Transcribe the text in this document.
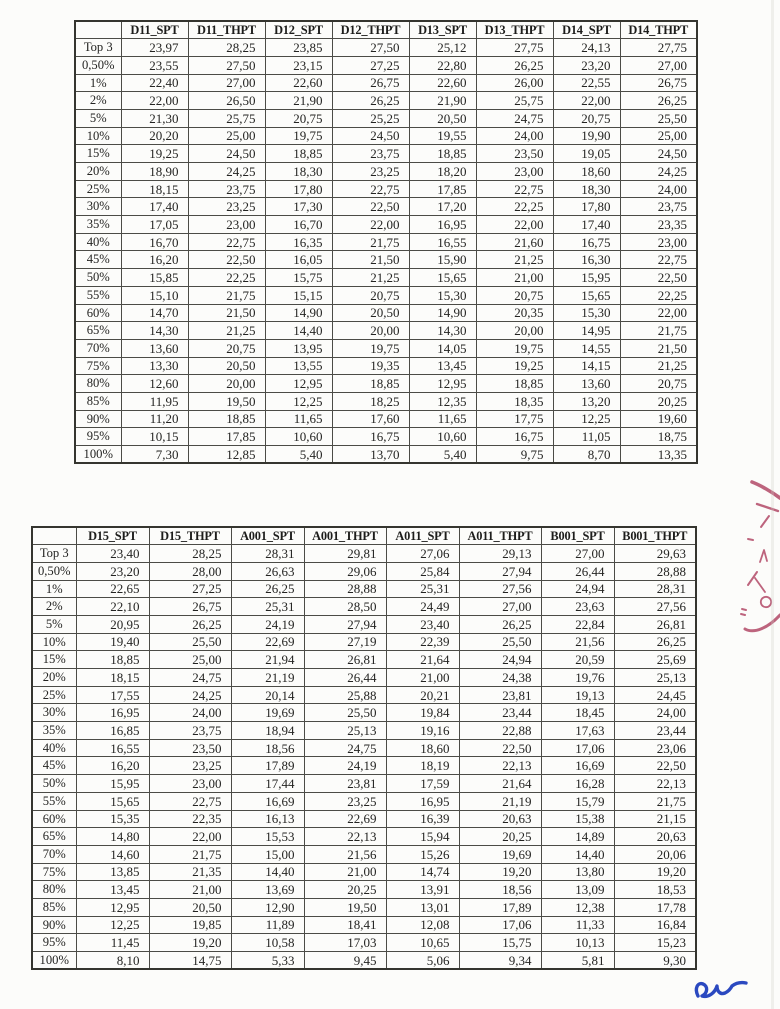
	D11_SPT	D11_THPT	D12_SPT	D12_THPT	D13_SPT	D13_THPT	D14_SPT	D14_THPT
Top 3	23,97	28,25	23,85	27,50	25,12	27,75	24,13	27,75
0,50%	23,55	27,50	23,15	27,25	22,80	26,25	23,20	27,00
1%	22,40	27,00	22,60	26,75	22,60	26,00	22,55	26,75
2%	22,00	26,50	21,90	26,25	21,90	25,75	22,00	26,25
5%	21,30	25,75	20,75	25,25	20,50	24,75	20,75	25,50
10%	20,20	25,00	19,75	24,50	19,55	24,00	19,90	25,00
15%	19,25	24,50	18,85	23,75	18,85	23,50	19,05	24,50
20%	18,90	24,25	18,30	23,25	18,20	23,00	18,60	24,25
25%	18,15	23,75	17,80	22,75	17,85	22,75	18,30	24,00
30%	17,40	23,25	17,30	22,50	17,20	22,25	17,80	23,75
35%	17,05	23,00	16,70	22,00	16,95	22,00	17,40	23,35
40%	16,70	22,75	16,35	21,75	16,55	21,60	16,75	23,00
45%	16,20	22,50	16,05	21,50	15,90	21,25	16,30	22,75
50%	15,85	22,25	15,75	21,25	15,65	21,00	15,95	22,50
55%	15,10	21,75	15,15	20,75	15,30	20,75	15,65	22,25
60%	14,70	21,50	14,90	20,50	14,90	20,35	15,30	22,00
65%	14,30	21,25	14,40	20,00	14,30	20,00	14,95	21,75
70%	13,60	20,75	13,95	19,75	14,05	19,75	14,55	21,50
75%	13,30	20,50	13,55	19,35	13,45	19,25	14,15	21,25
80%	12,60	20,00	12,95	18,85	12,95	18,85	13,60	20,75
85%	11,95	19,50	12,25	18,25	12,35	18,35	13,20	20,25
90%	11,20	18,85	11,65	17,60	11,65	17,75	12,25	19,60
95%	10,15	17,85	10,60	16,75	10,60	16,75	11,05	18,75
100%	7,30	12,85	5,40	13,70	5,40	9,75	8,70	13,35
	D15_SPT	D15_THPT	A001_SPT	A001_THPT	A011_SPT	A011_THPT	B001_SPT	B001_THPT
Top 3	23,40	28,25	28,31	29,81	27,06	29,13	27,00	29,63
0,50%	23,20	28,00	26,63	29,06	25,84	27,94	26,44	28,88
1%	22,65	27,25	26,25	28,88	25,31	27,56	24,94	28,31
2%	22,10	26,75	25,31	28,50	24,49	27,00	23,63	27,56
5%	20,95	26,25	24,19	27,94	23,40	26,25	22,84	26,81
10%	19,40	25,50	22,69	27,19	22,39	25,50	21,56	26,25
15%	18,85	25,00	21,94	26,81	21,64	24,94	20,59	25,69
20%	18,15	24,75	21,19	26,44	21,00	24,38	19,76	25,13
25%	17,55	24,25	20,14	25,88	20,21	23,81	19,13	24,45
30%	16,95	24,00	19,69	25,50	19,84	23,44	18,45	24,00
35%	16,85	23,75	18,94	25,13	19,16	22,88	17,63	23,44
40%	16,55	23,50	18,56	24,75	18,60	22,50	17,06	23,06
45%	16,20	23,25	17,89	24,19	18,19	22,13	16,69	22,50
50%	15,95	23,00	17,44	23,81	17,59	21,64	16,28	22,13
55%	15,65	22,75	16,69	23,25	16,95	21,19	15,79	21,75
60%	15,35	22,35	16,13	22,69	16,39	20,63	15,38	21,15
65%	14,80	22,00	15,53	22,13	15,94	20,25	14,89	20,63
70%	14,60	21,75	15,00	21,56	15,26	19,69	14,40	20,06
75%	13,85	21,35	14,40	21,00	14,74	19,20	13,80	19,20
80%	13,45	21,00	13,69	20,25	13,91	18,56	13,09	18,53
85%	12,95	20,50	12,90	19,50	13,01	17,89	12,38	17,78
90%	12,25	19,85	11,89	18,41	12,08	17,06	11,33	16,84
95%	11,45	19,20	10,58	17,03	10,65	15,75	10,13	15,23
100%	8,10	14,75	5,33	9,45	5,06	9,34	5,81	9,30
